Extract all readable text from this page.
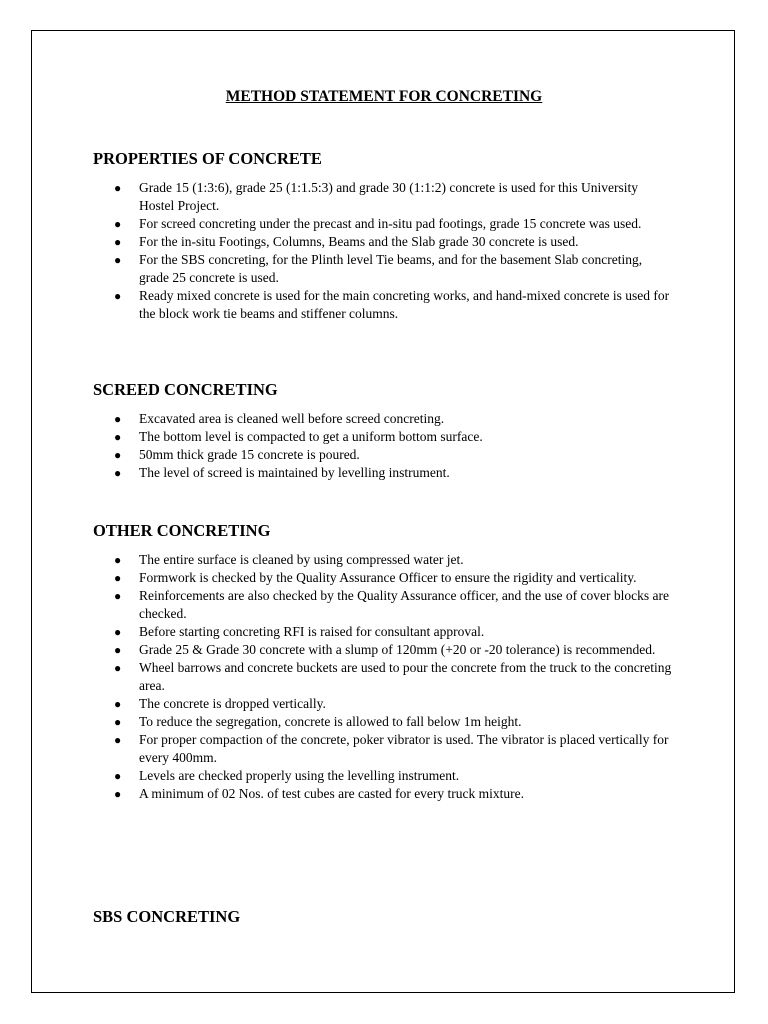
METHOD STATEMENT FOR CONCRETING
PROPERTIES OF CONCRETE
● Grade 15 (1:3:6), grade 25 (1:1.5:3) and grade 30 (1:1:2) concrete is used for this University Hostel Project.
● For screed concreting under the precast and in-situ pad footings, grade 15 concrete was used.
● For the in-situ Footings, Columns, Beams and the Slab grade 30 concrete is used.
● For the SBS concreting, for the Plinth level Tie beams, and for the basement Slab concreting, grade 25 concrete is used.
● Ready mixed concrete is used for the main concreting works, and hand-mixed concrete is used for the block work tie beams and stiffener columns.
SCREED CONCRETING
● Excavated area is cleaned well before screed concreting.
● The bottom level is compacted to get a uniform bottom surface.
● 50mm thick grade 15 concrete is poured.
● The level of screed is maintained by levelling instrument.
OTHER CONCRETING
● The entire surface is cleaned by using compressed water jet.
● Formwork is checked by the Quality Assurance Officer to ensure the rigidity and verticality.
● Reinforcements are also checked by the Quality Assurance officer, and the use of cover blocks are checked.
● Before starting concreting RFI is raised for consultant approval.
● Grade 25 & Grade 30 concrete with a slump of 120mm (+20 or -20 tolerance) is recommended.
● Wheel barrows and concrete buckets are used to pour the concrete from the truck to the concreting area.
● The concrete is dropped vertically.
● To reduce the segregation, concrete is allowed to fall below 1m height.
● For proper compaction of the concrete, poker vibrator is used. The vibrator is placed vertically for every 400mm.
● Levels are checked properly using the levelling instrument.
● A minimum of 02 Nos. of test cubes are casted for every truck mixture.
SBS CONCRETING
